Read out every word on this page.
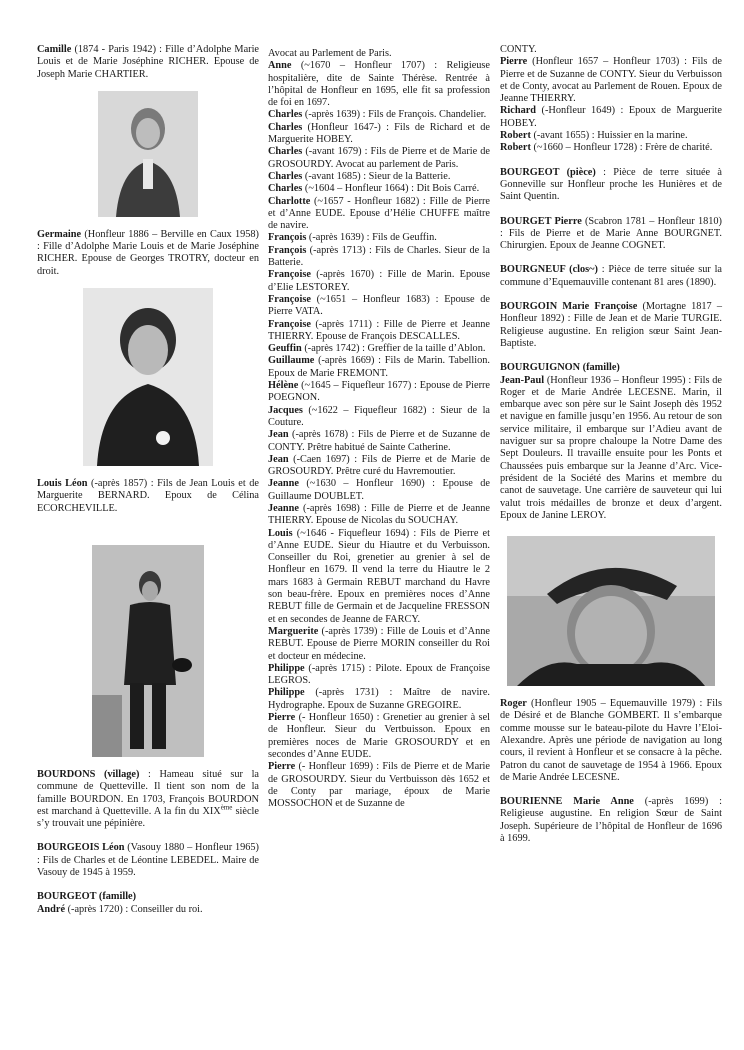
Camille (1874 - Paris 1942) : Fille d’Adolphe Marie Louis et de Marie Joséphine RICHER. Epouse de Joseph Marie CHARTIER.

Germaine (Honfleur 1886 – Berville en Caux 1958) : Fille d’Adolphe Marie Louis et de Marie Joséphine RICHER. Epouse de Georges TROTRY, docteur en droit.

Louis Léon (-après 1857) : Fils de Jean Louis et de Marguerite BERNARD. Epoux de Célina ECORCHEVILLE.

BOURDONS (village) : Hameau situé sur la commune de Quetteville. Il tient son nom de la famille BOURDON. En 1703, François BOURDON est marchand à Quetteville. A la fin du XIXème siècle s’y trouvait une pépinière.

BOURGEOIS Léon (Vasouy 1880 – Honfleur 1965) : Fils de Charles et de Léontine LEBEDEL. Maire de Vasouy de 1945 à 1959.

BOURGEOT (famille)

André (-après 1720) : Conseiller du roi.

Avocat au Parlement de Paris.

Anne (~1670 – Honfleur 1707) : Religieuse hospitalière, dite de Sainte Thérèse. Rentrée à l’hôpital de Honfleur en 1695, elle fit sa profession de foi en 1697.

Charles (-après 1639) : Fils de François. Chandelier.

Charles (Honfleur 1647-) : Fils de Richard et de Marguerite HOBEY.

Charles (-avant 1679) : Fils de Pierre et de Marie de GROSOURDY. Avocat au parlement de Paris.

Charles (-avant 1685) : Sieur de la Batterie.

Charles (~1604 – Honfleur 1664) : Dit Bois Carré.

Charlotte (~1657 - Honfleur 1682) : Fille de Pierre et d’Anne EUDE. Epouse d’Hélie CHUFFE maître de navire.

François (-après 1639) : Fils de Geuffin.

François (-après 1713) : Fils de Charles. Sieur de la Batterie.

Françoise (-après 1670) : Fille de Marin. Epouse d’Elie LESTOREY.

Françoise (~1651 – Honfleur 1683) : Epouse de Pierre VATA.

Françoise (-après 1711) : Fille de Pierre et Jeanne THIERRY. Epouse de François DESCALLES.

Geuffin (-après 1742) : Greffier de la taille d’Ablon.

Guillaume (-après 1669) : Fils de Marin. Tabellion. Epoux de Marie FREMONT.

Hélène (~1645 – Fiquefleur 1677) : Epouse de Pierre POEGNON.

Jacques (~1622 – Fiquefleur 1682) : Sieur de la Couture.

Jean (-après 1678) : Fils de Pierre et de Suzanne de CONTY. Prêtre habitué de Sainte Catherine.

Jean (-Caen 1697) : Fils de Pierre et de Marie de GROSOURDY. Prêtre curé du Havremoutier.

Jeanne (~1630 – Honfleur 1690) : Epouse de Guillaume DOUBLET.

Jeanne (-après 1698) : Fille de Pierre et de Jeanne THIERRY. Epouse de Nicolas du SOUCHAY.

Louis (~1646 - Fiquefleur 1694) : Fils de Pierre et d’Anne EUDE. Sieur du Hiautre et du Verbuisson. Conseiller du Roi, grenetier au grenier à sel de Honfleur en 1679. Il vend la terre du Hiautre le 2 mars 1683 à Germain REBUT marchand du Havre son beau-frère. Epoux en premières noces d’Anne REBUT fille de Germain et de Jacqueline FRESSON et en secondes de Jeanne de FARCY.

Marguerite (-après 1739) : Fille de Louis et d’Anne REBUT. Epouse de Pierre MORIN conseiller du Roi et docteur en médecine.

Philippe (-après 1715) : Pilote. Epoux de Françoise LEGROS.

Philippe (-après 1731) : Maître de navire. Hydrographe. Epoux de Suzanne GREGOIRE.

Pierre (- Honfleur 1650) : Grenetier au grenier à sel de Honfleur. Sieur du Vertbuisson. Epoux en premières noces de Marie GROSOURDY et en secondes d’Anne EUDE.

Pierre (- Honfleur 1699) : Fils de Pierre et de Marie de GROSOURDY. Sieur du Vertbuisson dès 1652 et de Conty par mariage, époux de Marie MOSSOCHON et de Suzanne de

CONTY.

Pierre (Honfleur 1657 – Honfleur 1703) : Fils de Pierre et de Suzanne de CONTY. Sieur du Verbuisson et de Conty, avocat au Parlement de Rouen. Epoux de Jeanne THIERRY.

Richard (-Honfleur 1649) : Epoux de Marguerite HOBEY.

Robert (-avant 1655) : Huissier en la marine.

Robert (~1660 – Honfleur 1728) : Frère de charité.

BOURGEOT (pièce) : Pièce de terre située à Gonneville sur Honfleur proche les Hunières et de Saint Quentin.

BOURGET Pierre (Scabron 1781 – Honfleur 1810) : Fils de Pierre et de Marie Anne BOURGNET. Chirurgien. Epoux de Jeanne COGNET.

BOURGNEUF (clos~) : Pièce de terre située sur la commune d’Equemauville contenant 81 ares (1890).

BOURGOIN Marie Françoise (Mortagne 1817 – Honfleur 1892) : Fille de Jean et de Marie TURGIE. Religieuse augustine. En religion sœur Saint Jean-Baptiste.

BOURGUIGNON (famille)

Jean-Paul (Honfleur 1936 – Honfleur 1995) : Fils de Roger et de Marie Andrée LECESNE. Marin, il embarque avec son père sur le Saint Joseph dès 1952 et navigue en famille jusqu’en 1956. Au retour de son service militaire, il embarque sur l’Adieu avant de naviguer sur sa propre chaloupe la Notre Dame des Sept Douleurs. Il travaille ensuite pour les Ponts et Chaussées puis embarque sur la Jeanne d’Arc. Vice-président de la Société des Marins et membre du canot de sauvetage. Une carrière de sauveteur qui lui valut trois médailles de bronze et deux d’argent. Epoux de Janine LEROY.

Roger (Honfleur 1905 – Equemauville 1979) : Fils de Désiré et de Blanche GOMBERT. Il s’embarque comme mousse sur le bateau-pilote du Havre l’Eloi-Alexandre. Après une période de navigation au long cours, il revient à Honfleur et se consacre à la pêche. Patron du canot de sauvetage de 1954 à 1966. Epoux de Marie Andrée LECESNE.

BOURIENNE Marie Anne (-après 1699) : Religieuse augustine. En religion Sœur de Saint Joseph. Supérieure de l’hôpital de Honfleur de 1696 à 1699.
